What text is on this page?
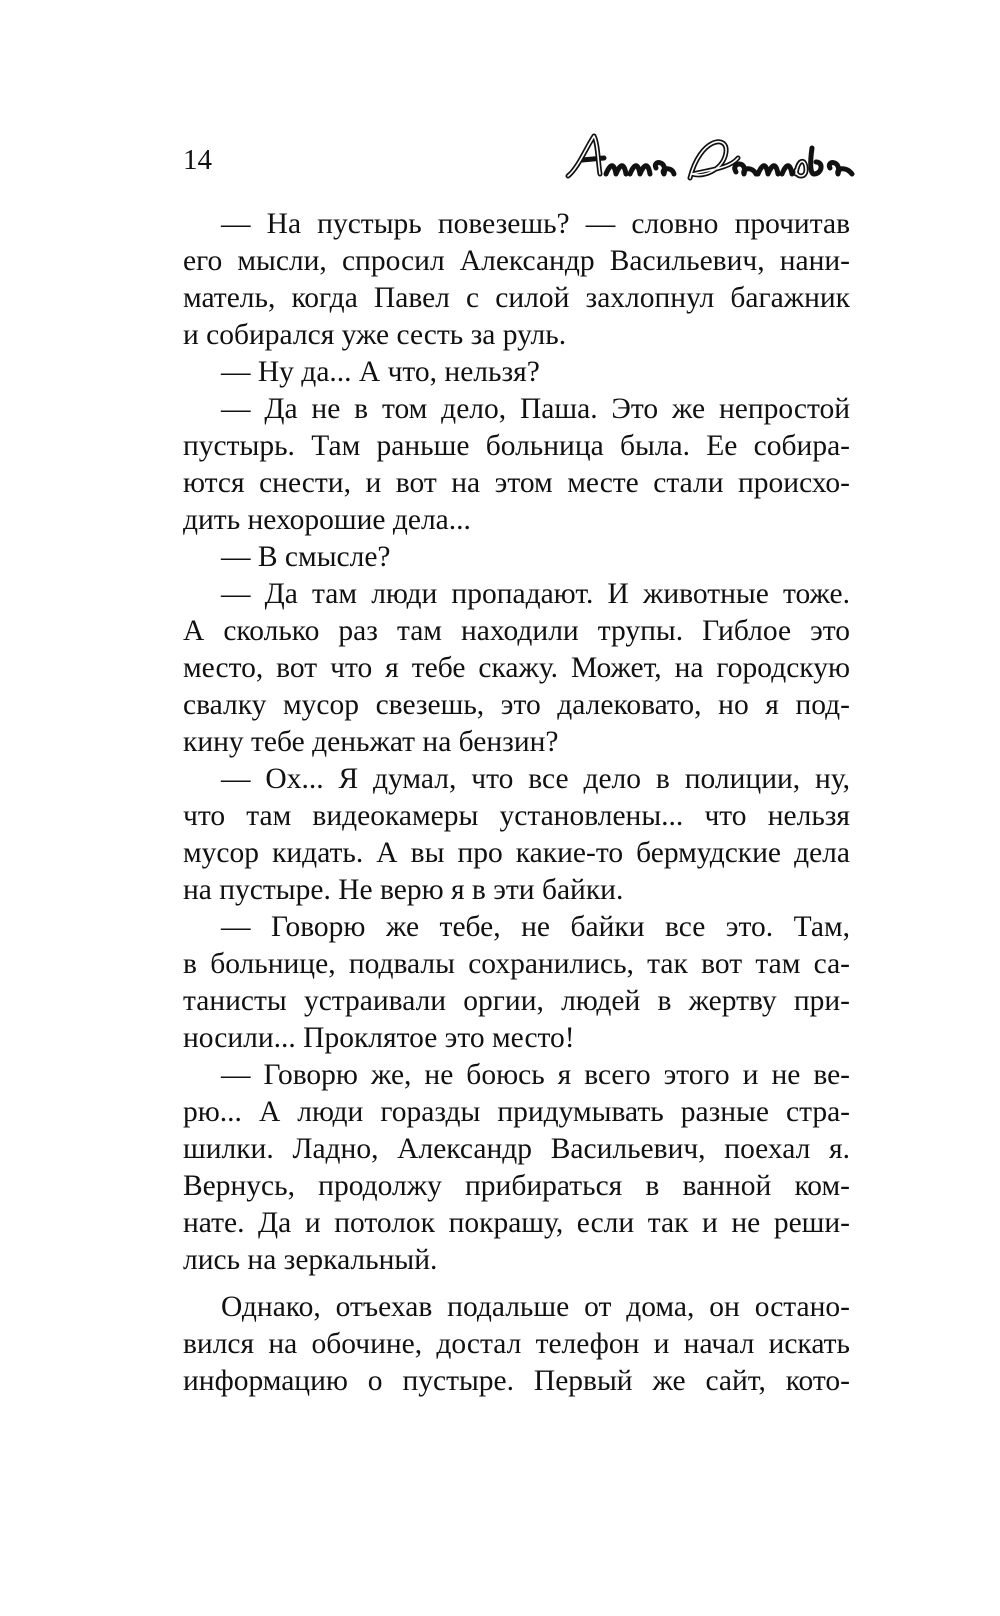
14
— На пустырь повезешь? — словно прочитав
его мысли, спросил Александр Васильевич, нани-
матель, когда Павел с силой захлопнул багажник
и собирался уже сесть за руль.
— Ну да... А что, нельзя?
— Да не в том дело, Паша. Это же непростой
пустырь. Там раньше больница была. Ее собира-
ются снести, и вот на этом месте стали происхо-
дить нехорошие дела...
— В смысле?
— Да там люди пропадают. И животные тоже.
А сколько раз там находили трупы. Гиблое это
место, вот что я тебе скажу. Может, на городскую
свалку мусор свезешь, это далековато, но я под-
кину тебе деньжат на бензин?
— Ох... Я думал, что все дело в полиции, ну,
что там видеокамеры установлены... что нельзя
мусор кидать. А вы про какие-то бермудские дела
на пустыре. Не верю я в эти байки.
— Говорю же тебе, не байки все это. Там,
в больнице, подвалы сохранились, так вот там са-
танисты устраивали оргии, людей в жертву при-
носили... Проклятое это место!
— Говорю же, не боюсь я всего этого и не ве-
рю... А люди горазды придумывать разные стра-
шилки. Ладно, Александр Васильевич, поехал я.
Вернусь, продолжу прибираться в ванной ком-
нате. Да и потолок покрашу, если так и не реши-
лись на зеркальный.
Однако, отъехав подальше от дома, он остано-
вился на обочине, достал телефон и начал искать
информацию о пустыре. Первый же сайт, кото-
